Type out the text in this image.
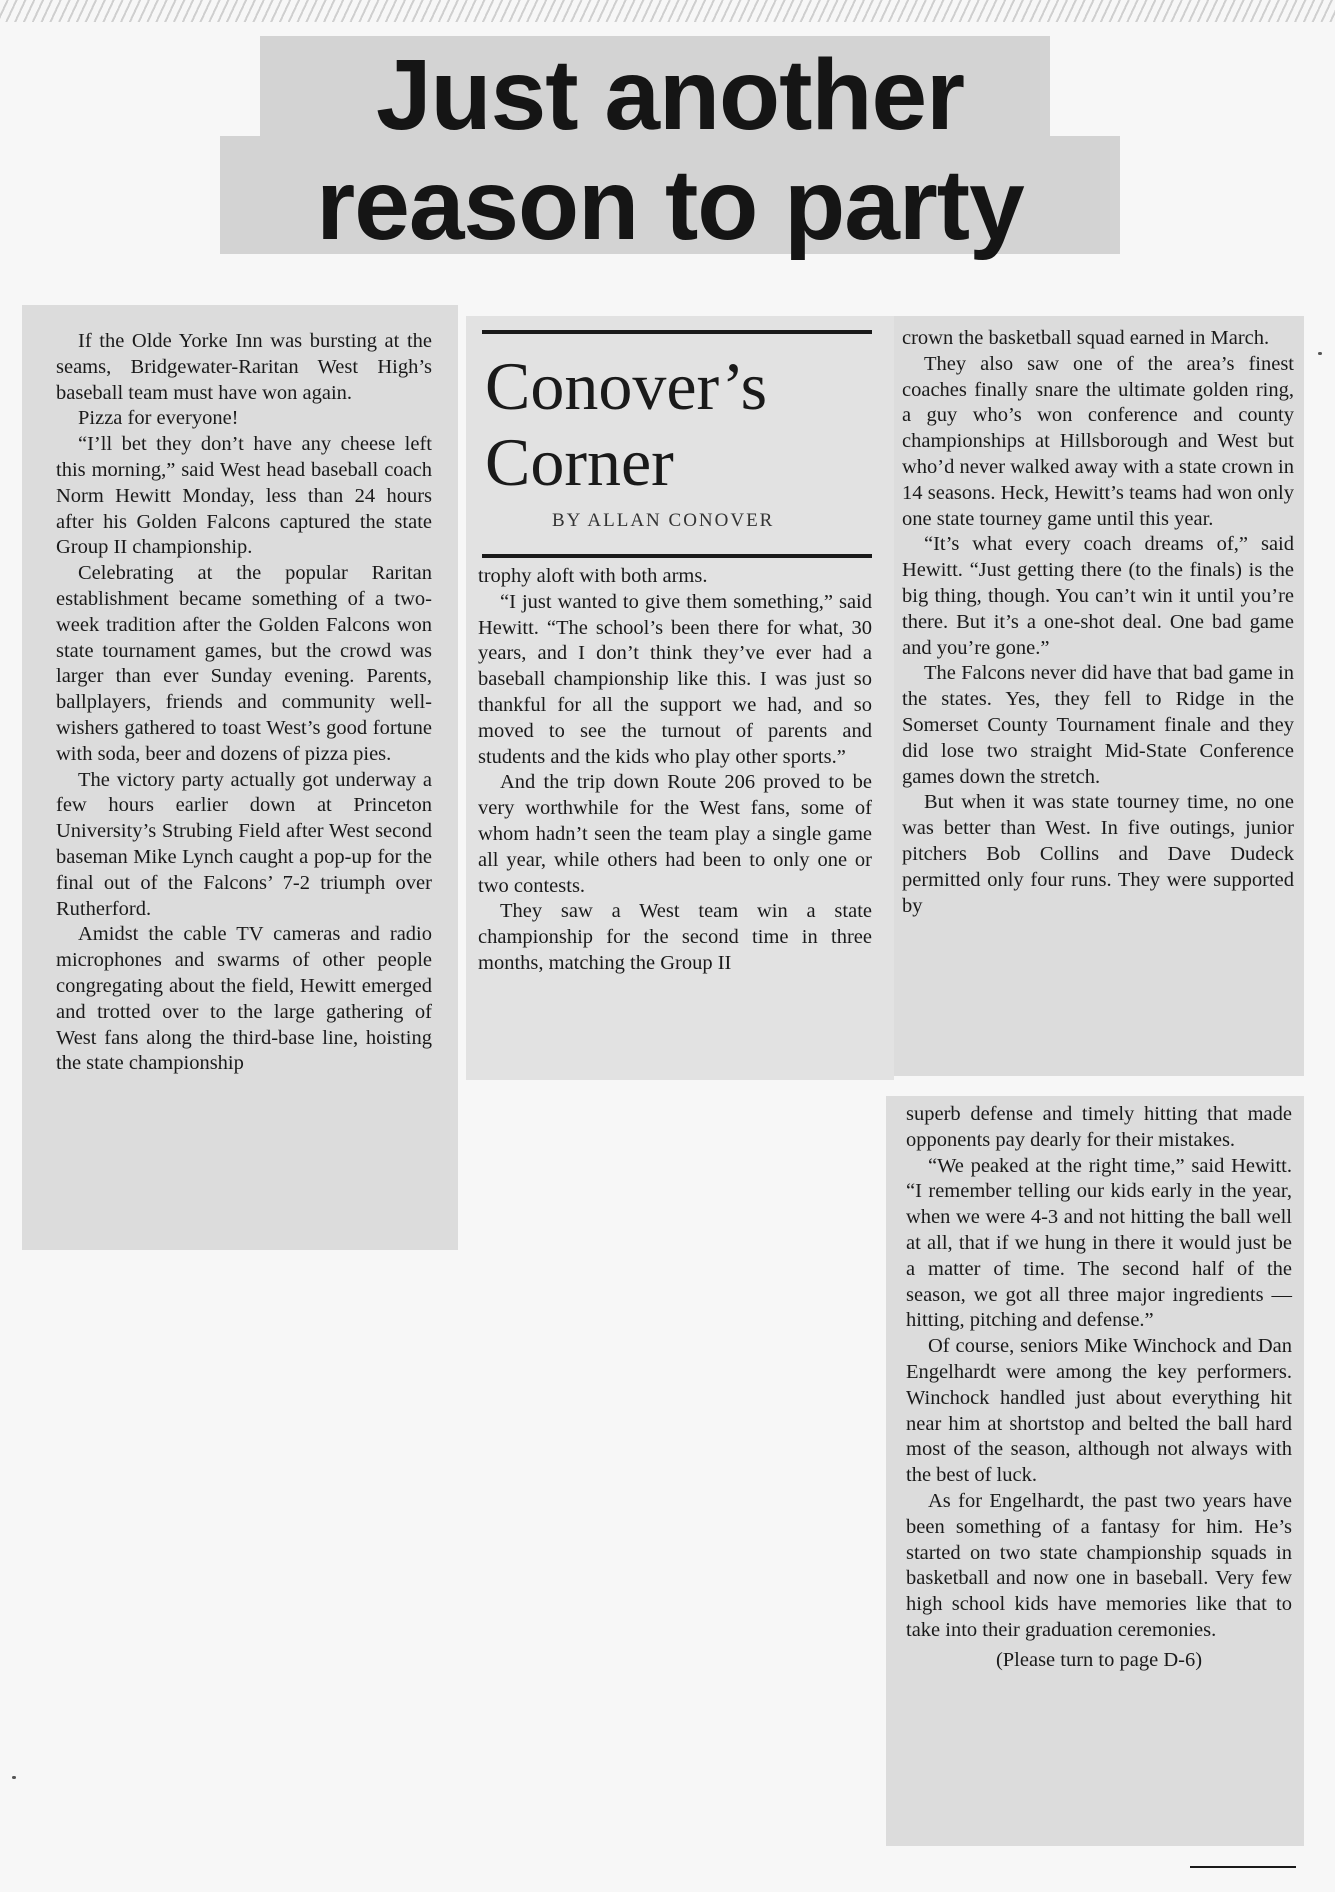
Just another
reason to party

If the Olde Yorke Inn was bursting at the seams, Bridgewater-Raritan West High’s baseball team must have won again.

Pizza for everyone!

“I’ll bet they don’t have any cheese left this morning,” said West head baseball coach Norm Hewitt Monday, less than 24 hours after his Golden Falcons captured the state Group II championship.

Celebrating at the popular Raritan establishment became something of a two-week tradition after the Golden Falcons won state tournament games, but the crowd was larger than ever Sunday evening. Parents, ballplayers, friends and community well-wishers gathered to toast West’s good fortune with soda, beer and dozens of pizza pies.

The victory party actually got underway a few hours earlier down at Princeton University’s Strubing Field after West second baseman Mike Lynch caught a pop-up for the final out of the Falcons’ 7-2 triumph over Rutherford.

Amidst the cable TV cameras and radio microphones and swarms of other people congregating about the field, Hewitt emerged and trotted over to the large gathering of West fans along the third-base line, hoisting the state championship

trophy aloft with both arms.

“I just wanted to give them something,” said Hewitt. “The school’s been there for what, 30 years, and I don’t think they’ve ever had a baseball championship like this. I was just so thankful for all the support we had, and so moved to see the turnout of parents and students and the kids who play other sports.”

And the trip down Route 206 proved to be very worthwhile for the West fans, some of whom hadn’t seen the team play a single game all year, while others had been to only one or two contests.

They saw a West team win a state championship for the second time in three months, matching the Group II

Conover’s
Corner
BY ALLAN CONOVER

crown the basketball squad earned in March.

They also saw one of the area’s finest coaches finally snare the ultimate golden ring, a guy who’s won conference and county championships at Hillsborough and West but who’d never walked away with a state crown in 14 seasons. Heck, Hewitt’s teams had won only one state tourney game until this year.

“It’s what every coach dreams of,” said Hewitt. “Just getting there (to the finals) is the big thing, though. You can’t win it until you’re there. But it’s a one-shot deal. One bad game and you’re gone.”

The Falcons never did have that bad game in the states. Yes, they fell to Ridge in the Somerset County Tournament finale and they did lose two straight Mid-State Conference games down the stretch.

But when it was state tourney time, no one was better than West. In five outings, junior pitchers Bob Collins and Dave Dudeck permitted only four runs. They were supported by

superb defense and timely hitting that made opponents pay dearly for their mistakes.

“We peaked at the right time,” said Hewitt. “I remember telling our kids early in the year, when we were 4-3 and not hitting the ball well at all, that if we hung in there it would just be a matter of time. The second half of the season, we got all three major ingredients — hitting, pitching and defense.”

Of course, seniors Mike Winchock and Dan Engelhardt were among the key performers. Winchock handled just about everything hit near him at shortstop and belted the ball hard most of the season, although not always with the best of luck.

As for Engelhardt, the past two years have been something of a fantasy for him. He’s started on two state championship squads in basketball and now one in baseball. Very few high school kids have memories like that to take into their graduation ceremonies.

(Please turn to page D-6)
